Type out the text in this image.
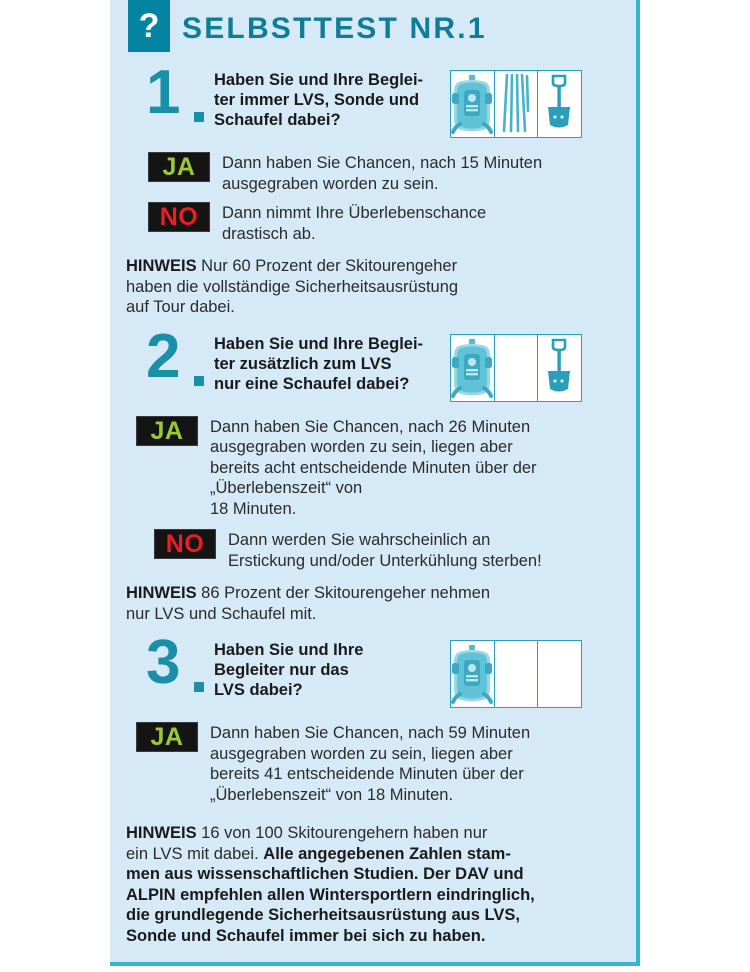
? SELBSTTEST NR.1
1 Haben Sie und Ihre Beglei-
ter immer LVS, Sonde und
Schaufel dabei?
JA	Dann haben Sie Chancen, nach 15 Minuten
ausgegraben worden zu sein.
NO	Dann nimmt Ihre Überlebenschance
drastisch ab.
HINWEIS Nur 60 Prozent der Skitourengeher
haben die vollständige Sicherheitsausrüstung
auf Tour dabei.
2 Haben Sie und Ihre Beglei-
ter zusätzlich zum LVS
nur eine Schaufel dabei?
JA	Dann haben Sie Chancen, nach 26 Minuten
ausgegraben worden zu sein, liegen aber
bereits acht entscheidende Minuten über der
„Überlebenszeit“ von
18 Minuten.
NO	Dann werden Sie wahrscheinlich an
Erstickung und/oder Unterkühlung sterben!
HINWEIS 86 Prozent der Skitourengeher nehmen
nur LVS und Schaufel mit.
3 Haben Sie und Ihre
Begleiter nur das
LVS dabei?
JA	Dann haben Sie Chancen, nach 59 Minuten
ausgegraben worden zu sein, liegen aber
bereits 41 entscheidende Minuten über der
„Überlebenszeit“ von 18 Minuten.
HINWEIS 16 von 100 Skitourengehern haben nur
ein LVS mit dabei. Alle angegebenen Zahlen stam-
men aus wissenschaftlichen Studien. Der DAV und
ALPIN empfehlen allen Wintersportlern eindringlich,
die grundlegende Sicherheitsausrüstung aus LVS,
Sonde und Schaufel immer bei sich zu haben.
